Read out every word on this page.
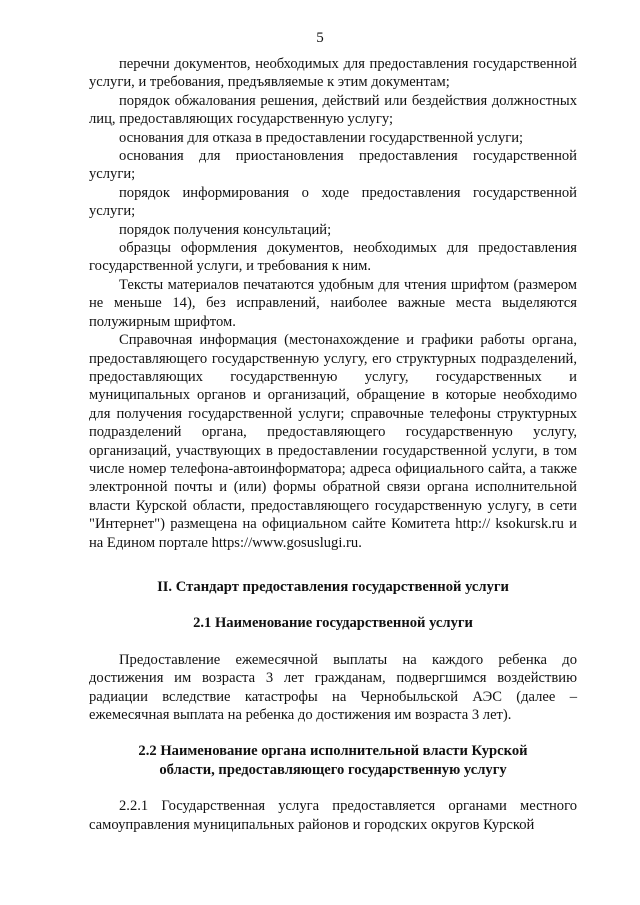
5

перечни документов, необходимых для предоставления государственной услуги, и требования, предъявляемые к этим документам;

порядок обжалования решения, действий или бездействия должностных лиц, предоставляющих государственную услугу;

основания для отказа в предоставлении государственной услуги;

основания для приостановления предоставления государственной услуги;

порядок информирования о ходе предоставления государственной услуги;

порядок получения консультаций;

образцы оформления документов, необходимых для предоставления государственной услуги, и требования к ним.

Тексты материалов печатаются удобным для чтения шрифтом (размером не меньше 14), без исправлений, наиболее важные места выделяются полужирным шрифтом.

Справочная информация (местонахождение и графики работы органа, предоставляющего государственную услугу, его структурных подразделений, предоставляющих государственную услугу, государственных и муниципальных органов и организаций, обращение в которые необходимо для получения государственной услуги; справочные телефоны структурных подразделений органа, предоставляющего государственную услугу, организаций, участвующих в предоставлении государственной услуги, в том числе номер телефона-автоинформатора; адреса официального сайта, а также электронной почты и (или) формы обратной связи органа исполнительной власти Курской области, предоставляющего государственную услугу, в сети "Интернет") размещена на официальном сайте Комитета http:// ksokursk.ru и на Едином портале https://www.gosuslugi.ru.

II. Стандарт предоставления государственной услуги
2.1 Наименование государственной услуги

Предоставление ежемесячной выплаты на каждого ребенка до достижения им возраста 3 лет гражданам, подвергшимся воздействию радиации вследствие катастрофы на Чернобыльской АЭС (далее – ежемесячная выплата на ребенка до достижения им возраста 3 лет).

2.2 Наименование органа исполнительной власти Курской
области, предоставляющего государственную услугу

2.2.1 Государственная услуга предоставляется органами местного самоуправления муниципальных районов и городских округов Курской
